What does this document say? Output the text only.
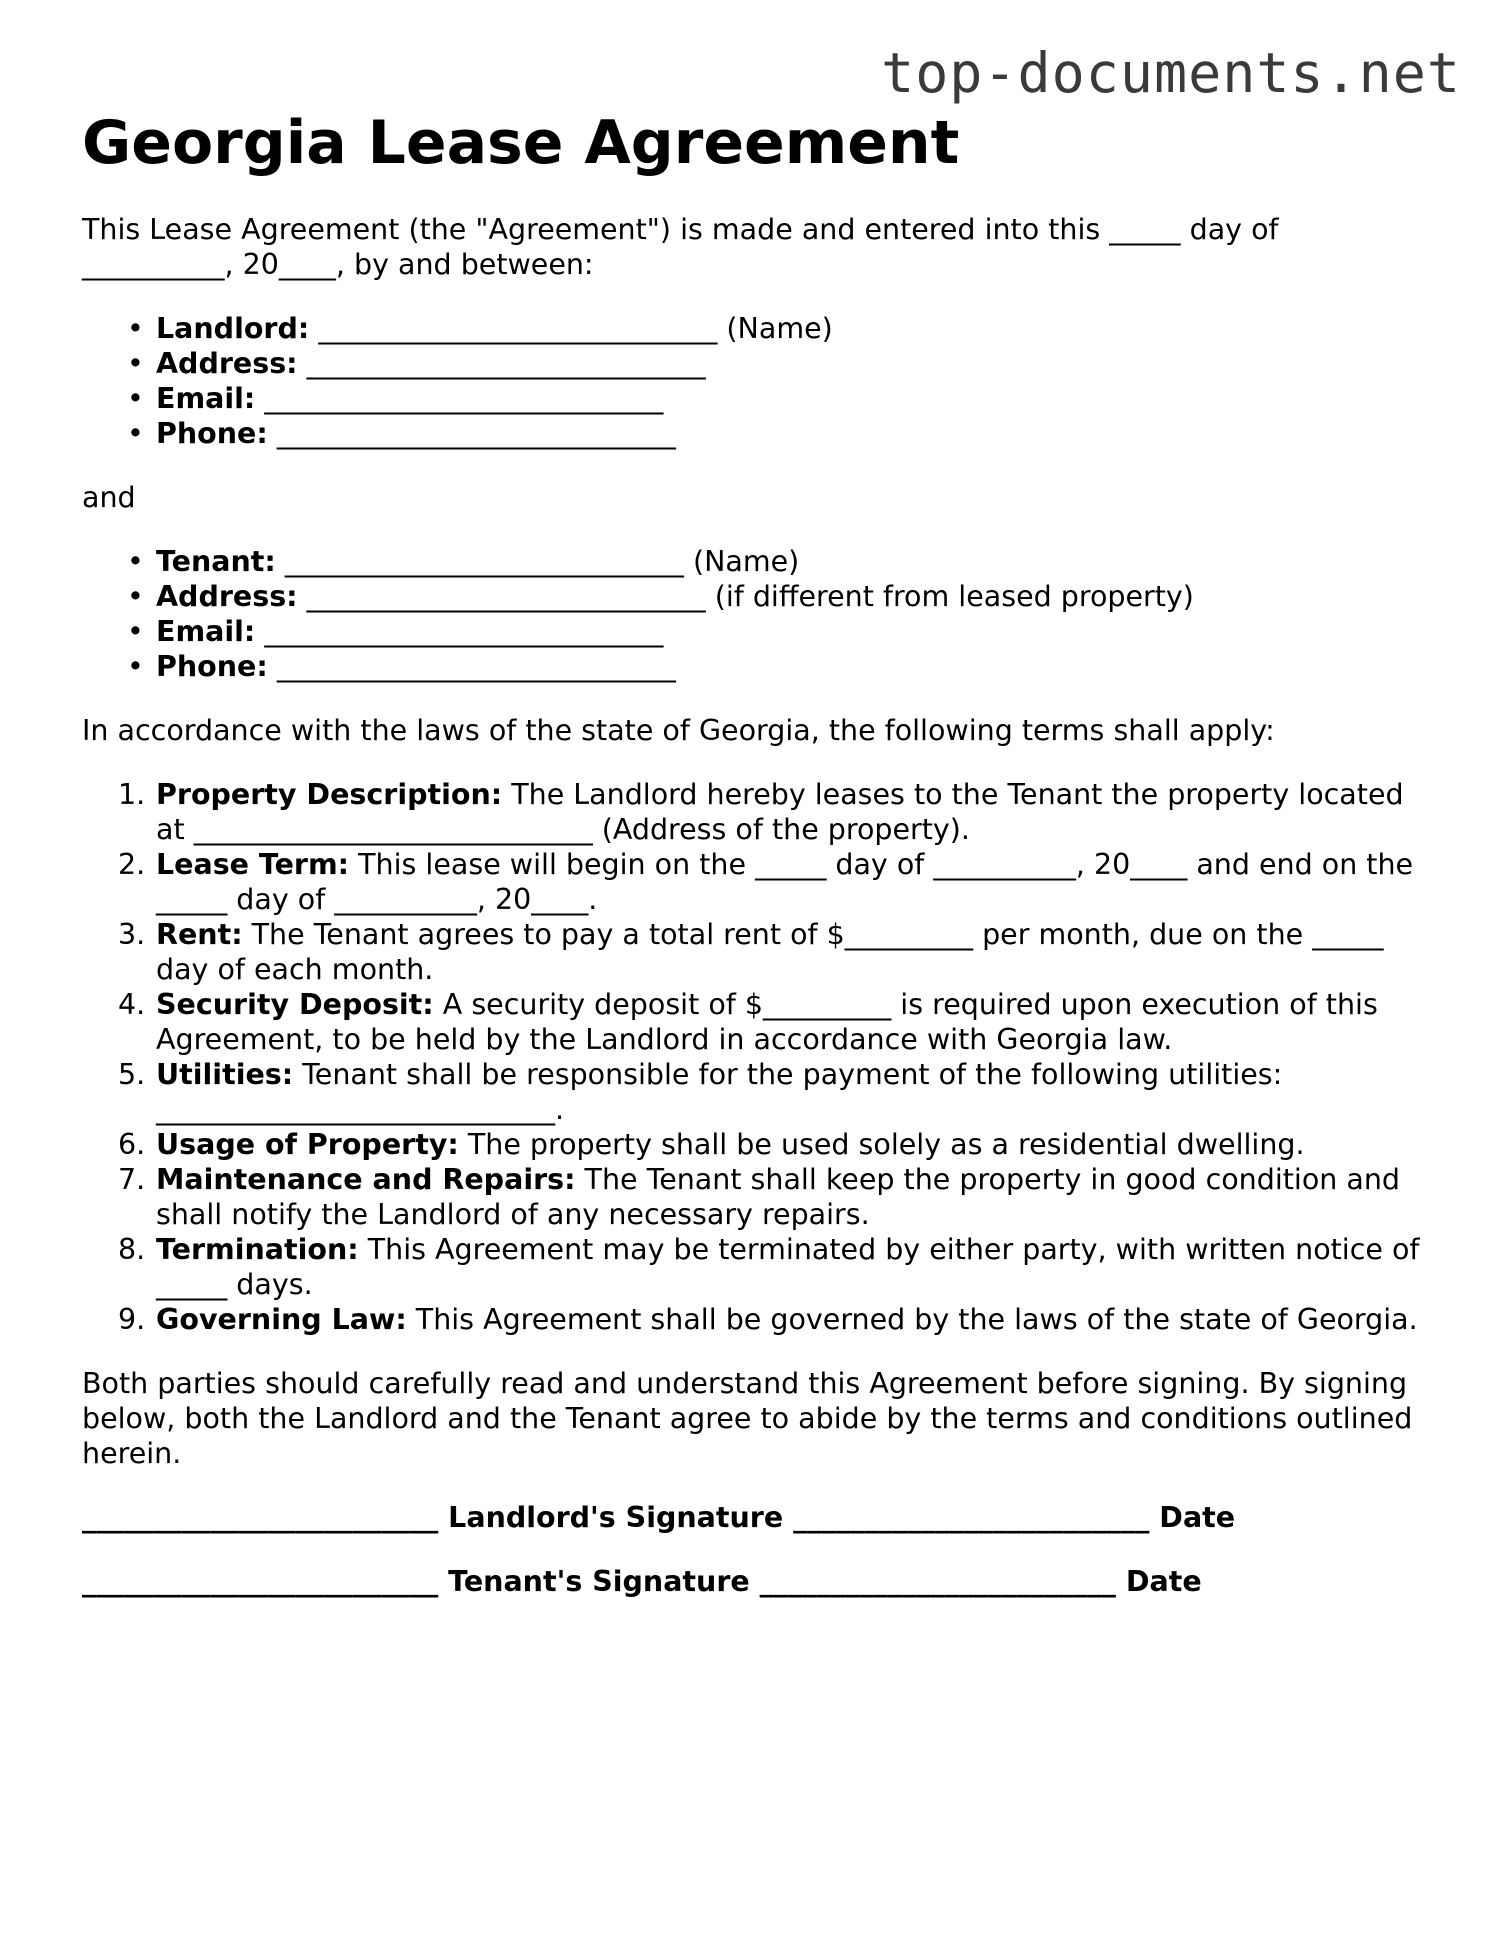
top-documents.net
Georgia Lease Agreement

This Lease Agreement (the "Agreement") is made and entered into this _____ day of __________, 20____, by and between:

• Landlord: ____________________________ (Name)
• Address: ____________________________
• Email: ____________________________
• Phone: ____________________________

and

• Tenant: ____________________________ (Name)
• Address: ____________________________ (if different from leased property)
• Email: ____________________________
• Phone: ____________________________

In accordance with the laws of the state of Georgia, the following terms shall apply:

1. Property Description: The Landlord hereby leases to the Tenant the property located at ____________________________ (Address of the property).
2. Lease Term: This lease will begin on the _____ day of __________, 20____ and end on the _____ day of __________, 20____.
3. Rent: The Tenant agrees to pay a total rent of $_________ per month, due on the _____ day of each month.
4. Security Deposit: A security deposit of $_________ is required upon execution of this Agreement, to be held by the Landlord in accordance with Georgia law.
5. Utilities: Tenant shall be responsible for the payment of the following utilities: ____________________________.
6. Usage of Property: The property shall be used solely as a residential dwelling.
7. Maintenance and Repairs: The Tenant shall keep the property in good condition and shall notify the Landlord of any necessary repairs.
8. Termination: This Agreement may be terminated by either party, with written notice of _____ days.
9. Governing Law: This Agreement shall be governed by the laws of the state of Georgia.

Both parties should carefully read and understand this Agreement before signing. By signing below, both the Landlord and the Tenant agree to abide by the terms and conditions outlined herein.

_________________________ Landlord's Signature _________________________ Date

_________________________ Tenant's Signature _________________________ Date
